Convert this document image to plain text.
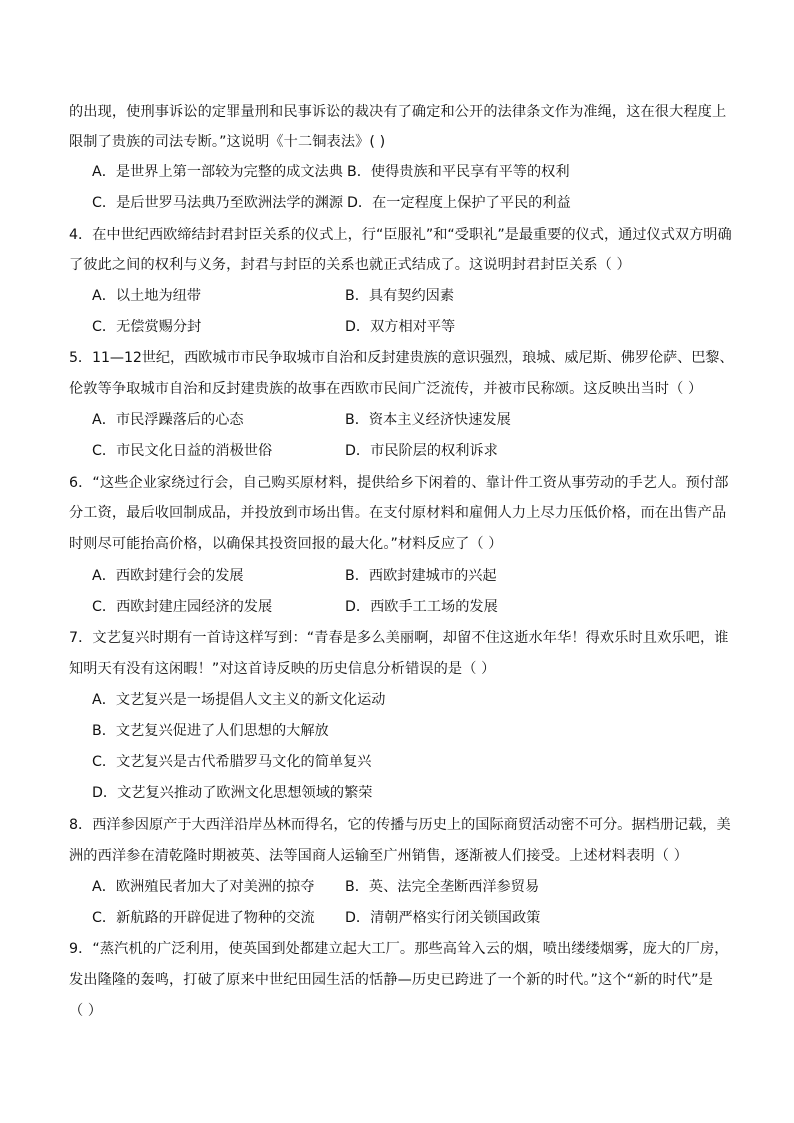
的出现，使刑事诉讼的定罪量刑和民事诉讼的裁决有了确定和公开的法律条文作为准绳，这在很大程度上
限制了贵族的司法专断。”这说明《十二铜表法》( )
A．是世界上第一部较为完整的成文法典 B．使得贵族和平民享有平等的权利
C．是后世罗马法典乃至欧洲法学的渊源 D．在一定程度上保护了平民的利益
4．在中世纪西欧缔结封君封臣关系的仪式上，行“臣服礼”和“受职礼”是最重要的仪式，通过仪式双方明确
了彼此之间的权利与义务，封君与封臣的关系也就正式结成了。这说明封君封臣关系（ ）
A．以土地为纽带	B．具有契约因素
C．无偿赏赐分封	D．双方相对平等
5．11—12世纪，西欧城市市民争取城市自治和反封建贵族的意识强烈，琅城、威尼斯、佛罗伦萨、巴黎、
伦敦等争取城市自治和反封建贵族的故事在西欧市民间广泛流传，并被市民称颂。这反映出当时（ ）
A．市民浮躁落后的心态	B．资本主义经济快速发展
C．市民文化日益的消极世俗	D．市民阶层的权利诉求
6．“这些企业家绕过行会，自己购买原材料，提供给乡下闲着的、靠计件工资从事劳动的手艺人。预付部
分工资，最后收回制成品，并投放到市场出售。在支付原材料和雇佣人力上尽力压低价格，而在出售产品
时则尽可能抬高价格，以确保其投资回报的最大化。”材料反应了（ ）
A．西欧封建行会的发展	B．西欧封建城市的兴起
C．西欧封建庄园经济的发展	D．西欧手工工场的发展
7．文艺复兴时期有一首诗这样写到：“青春是多么美丽啊，却留不住这逝水年华！得欢乐时且欢乐吧，谁
知明天有没有这闲暇！”对这首诗反映的历史信息分析错误的是（ ）
A．文艺复兴是一场提倡人文主义的新文化运动
B．文艺复兴促进了人们思想的大解放
C．文艺复兴是古代希腊罗马文化的简单复兴
D．文艺复兴推动了欧洲文化思想领域的繁荣
8．西洋参因原产于大西洋沿岸丛林而得名，它的传播与历史上的国际商贸活动密不可分。据档册记载，美
洲的西洋参在清乾隆时期被英、法等国商人运输至广州销售，逐渐被人们接受。上述材料表明（ ）
A．欧洲殖民者加大了对美洲的掠夺 B．英、法完全垄断西洋参贸易
C．新航路的开辟促进了物种的交流 D．清朝严格实行闭关锁国政策
9．“蒸汽机的广泛利用，使英国到处都建立起大工厂。那些高耸入云的烟，喷出缕缕烟雾，庞大的厂房，
发出隆隆的轰鸣，打破了原来中世纪田园生活的恬静—历史已跨进了一个新的时代。”这个“新的时代”是
（ ）
